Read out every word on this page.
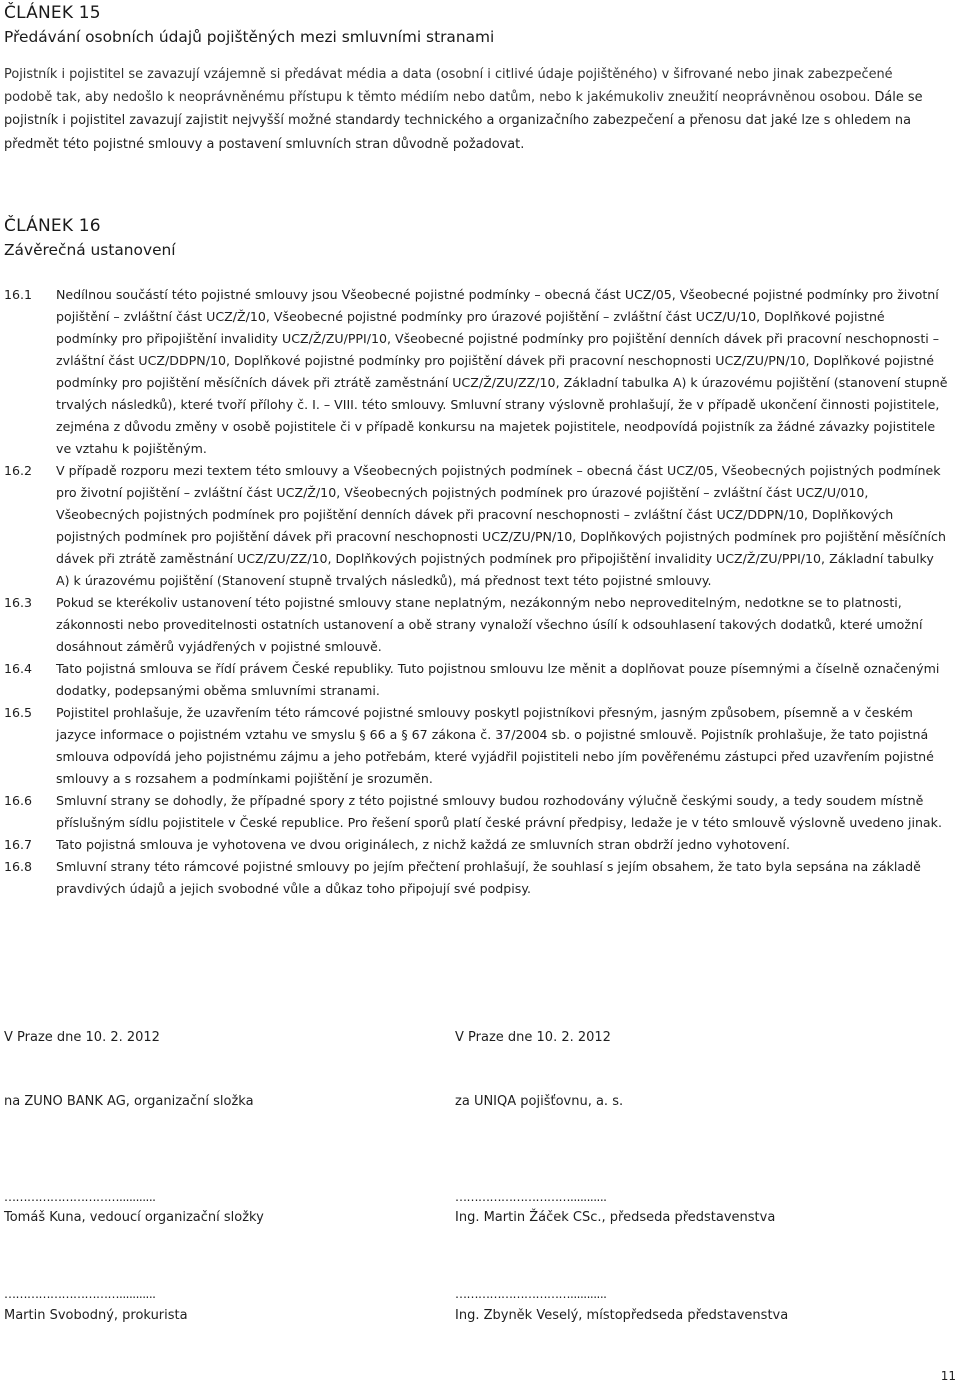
ČLÁNEK 15
Předávání osobních údajů pojištěných mezi smluvními stranami
Pojistník i pojistitel se zavazují vzájemně si předávat média a data (osobní i citlivé údaje pojištěného) v šifrované nebo jinak zabezpečené podobě tak, aby nedošlo k neoprávněnému přístupu k těmto médiím nebo datům, nebo k jakémukoliv zneužití neoprávněnou osobou. Dále se pojistník i pojistitel zavazují zajistit nejvyšší možné standardy technického a organizačního zabezpečení a přenosu dat jaké lze s ohledem na předmět této pojistné smlouvy a postavení smluvních stran důvodně požadovat.
ČLÁNEK 16
Závěrečná ustanovení
16.1	Nedílnou součástí této pojistné smlouvy jsou Všeobecné pojistné podmínky – obecná část UCZ/05, Všeobecné pojistné podmínky pro životní pojištění – zvláštní část UCZ/Ž/10, Všeobecné pojistné podmínky pro úrazové pojištění – zvláštní část UCZ/U/10, Doplňkové pojistné podmínky pro připojištění invalidity UCZ/Ž/ZU/PPI/10, Všeobecné pojistné podmínky pro pojištění denních dávek při pracovní neschopnosti – zvláštní část UCZ/DDPN/10, Doplňkové pojistné podmínky pro pojištění dávek při pracovní neschopnosti UCZ/ZU/PN/10, Doplňkové pojistné podmínky pro pojištění měsíčních dávek při ztrátě zaměstnání UCZ/Ž/ZU/ZZ/10, Základní tabulka A) k úrazovému pojištění (stanovení stupně trvalých následků), které tvoří přílohy č. I. – VIII. této smlouvy. Smluvní strany výslovně prohlašují, že v případě ukončení činnosti pojistitele, zejména z důvodu změny v osobě pojistitele či v případě konkursu na majetek pojistitele, neodpovídá pojistník za žádné závazky pojistitele ve vztahu k pojištěným.
16.2	V případě rozporu mezi textem této smlouvy a Všeobecných pojistných podmínek – obecná část UCZ/05, Všeobecných pojistných podmínek pro životní pojištění – zvláštní část UCZ/Ž/10, Všeobecných pojistných podmínek pro úrazové pojištění – zvláštní část UCZ/U/010, Všeobecných pojistných podmínek pro pojištění denních dávek při pracovní neschopnosti – zvláštní část UCZ/DDPN/10, Doplňkových pojistných podmínek pro pojištění dávek při pracovní neschopnosti UCZ/ZU/PN/10, Doplňkových pojistných podmínek pro pojištění měsíčních dávek při ztrátě zaměstnání UCZ/ZU/ZZ/10, Doplňkových pojistných podmínek pro připojištění invalidity UCZ/Ž/ZU/PPI/10, Základní tabulky A) k úrazovému pojištění (Stanovení stupně trvalých následků), má přednost text této pojistné smlouvy.
16.3	Pokud se kterékoliv ustanovení této pojistné smlouvy stane neplatným, nezákonným nebo neproveditelným, nedotkne se to platnosti, zákonnosti nebo proveditelnosti ostatních ustanovení a obě strany vynaloží všechno úsílí k odsouhlasení takových dodatků, které umožní dosáhnout záměrů vyjádřených v pojistné smlouvě.
16.4	Tato pojistná smlouva se řídí právem České republiky. Tuto pojistnou smlouvu lze měnit a doplňovat pouze písemnými a číselně označenými dodatky, podepsanými oběma smluvními stranami.
16.5	Pojistitel prohlašuje, že uzavřením této rámcové pojistné smlouvy poskytl pojistníkovi přesným, jasným způsobem, písemně a v českém jazyce informace o pojistném vztahu ve smyslu § 66 a § 67 zákona č. 37/2004 sb. o pojistné smlouvě. Pojistník prohlašuje, že tato pojistná smlouva odpovídá jeho pojistnému zájmu a jeho potřebám, které vyjádřil pojistiteli nebo jím pověřenému zástupci před uzavřením pojistné smlouvy a s rozsahem a podmínkami pojištění je srozumĕn.
16.6	Smluvní strany se dohodly, že případné spory z této pojistné smlouvy budou rozhodovány výlučně českými soudy, a tedy soudem místně příslušným sídlu pojistitele v České republice. Pro řešení sporů platí české právní předpisy, ledaže je v této smlouvě výslovně uvedeno jinak.
16.7	Tato pojistná smlouva je vyhotovena ve dvou originálech, z nichž každá ze smluvních stran obdrží jedno vyhotovení.
16.8	Smluvní strany této rámcové pojistné smlouvy po jejím přečtení prohlašují, že souhlasí s jejím obsahem, že tato byla sepsána na základě pravdivých údajů a jejich svobodné vůle a důkaz toho připojují své podpisy.
V Praze dne 10. 2. 2012
na ZUNO BANK AG, organizační složka
…………………………...........
Tomáš Kuna, vedoucí organizační složky
…………………………...........
Martin Svobodný, prokurista
V Praze dne 10. 2. 2012
za UNIQA pojišťovnu, a. s.
…………………………...........
Ing. Martin Žáček CSc., předseda představenstva
…………………………...........
Ing. Zbyněk Veselý, místopředseda představenstva
11
